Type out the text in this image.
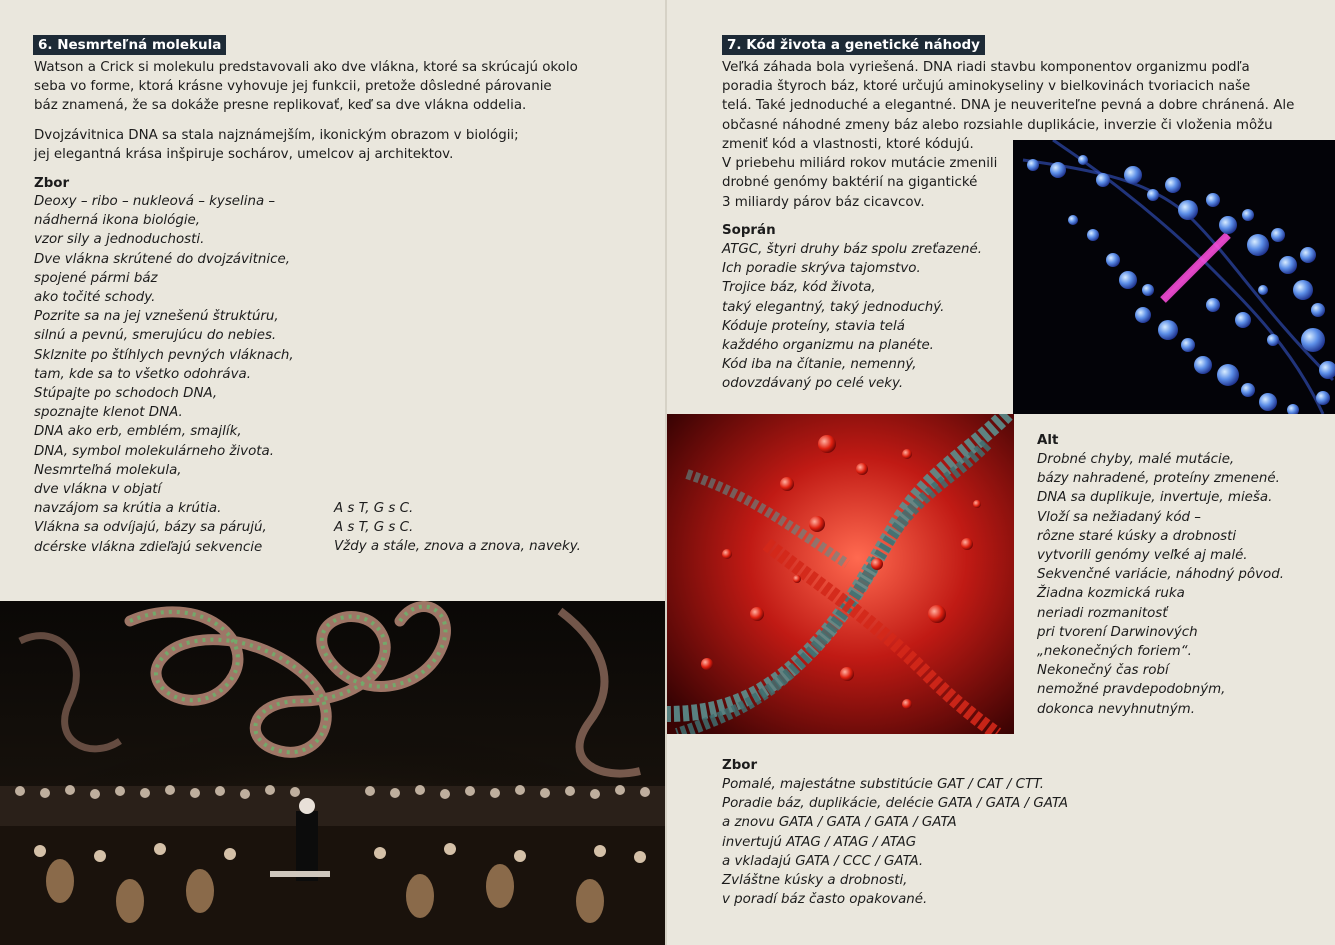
6. Nesmrteľná molekula
Watson a Crick si molekulu predstavovali ako dve vlákna, ktoré sa skrúcajú okolo
seba vo forme, ktorá krásne vyhovuje jej funkcii, pretože dôsledné párovanie
báz znamená, že sa dokáže presne replikovať, keď sa dve vlákna oddelia.
Dvojzávitnica DNA sa stala najznámejším, ikonickým obrazom v biológii;
jej elegantná krása inšpiruje sochárov, umelcov aj architektov.
Zbor
Deoxy – ribo – nukleová – kyselina –
nádherná ikona biológie,
vzor sily a jednoduchosti.
Dve vlákna skrútené do dvojzávitnice,
spojené pármi báz
ako točité schody.
Pozrite sa na jej vznešenú štruktúru,
silnú a pevnú, smerujúcu do nebies.
Sklznite po štíhlych pevných vláknach,
tam, kde sa to všetko odohráva.
Stúpajte po schodoch DNA,
spoznajte klenot DNA.
DNA ako erb, emblém, smajlík,
DNA, symbol molekulárneho života.
Nesmrteľná molekula,
dve vlákna v objatí
navzájom sa krútia a krútia.
Vlákna sa odvíjajú, bázy sa párujú,
dcérske vlákna zdieľajú sekvencie
A s T, G s C.
A s T, G s C.
Vždy a stále, znova a znova, naveky.
7. Kód života a genetické náhody
Veľká záhada bola vyriešená. DNA riadi stavbu komponentov organizmu podľa
poradia štyroch báz, ktoré určujú aminokyseliny v bielkovinách tvoriacich naše
telá. Také jednoduché a elegantné. DNA je neuveriteľne pevná a dobre chránená. Ale
občasné náhodné zmeny báz alebo rozsiahle duplikácie, inverzie či vloženia môžu
zmeniť kód a vlastnosti, ktoré kódujú.
V priebehu miliárd rokov mutácie zmenili
drobné genómy baktérií na gigantické
3 miliardy párov báz cicavcov.
Soprán
ATGC, štyri druhy báz spolu zreťazené.
Ich poradie skrýva tajomstvo.
Trojice báz, kód života,
taký elegantný, taký jednoduchý.
Kóduje proteíny, stavia telá
každého organizmu na planéte.
Kód iba na čítanie, nemenný,
odovzdávaný po celé veky.
Alt
Drobné chyby, malé mutácie,
bázy nahradené, proteíny zmenené.
DNA sa duplikuje, invertuje, mieša.
Vloží sa nežiadaný kód –
rôzne staré kúsky a drobnosti
vytvorili genómy veľké aj malé.
Sekvenčné variácie, náhodný pôvod.
Žiadna kozmická ruka
neriadi rozmanitosť
pri tvorení Darwinových
„nekonečných foriem“.
Nekonečný čas robí
nemožné pravdepodobným,
dokonca nevyhnutným.
Zbor
Pomalé, majestátne substitúcie GAT / CAT / CTT.
Poradie báz, duplikácie, delécie GATA / GATA / GATA
a znovu GATA / GATA / GATA / GATA
invertujú ATAG / ATAG / ATAG
a vkladajú GATA / CCC / GATA.
Zvláštne kúsky a drobnosti,
v poradí báz často opakované.
